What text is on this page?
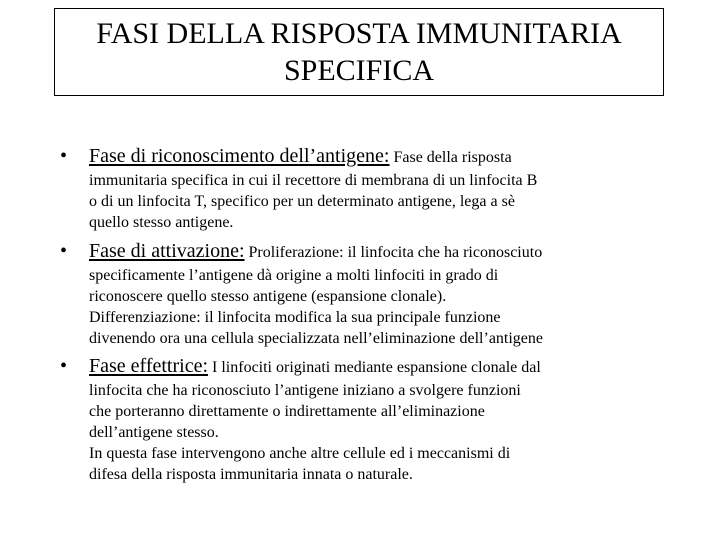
FASI DELLA RISPOSTA IMMUNITARIA
SPECIFICA
• Fase di riconoscimento dell’antigene: Fase della risposta
immunitaria specifica in cui il recettore di membrana di un linfocita B
o di un linfocita T, specifico per un determinato antigene, lega a sè
quello stesso antigene.
• Fase di attivazione: Proliferazione: il linfocita che ha riconosciuto
specificamente l’antigene dà origine a molti linfociti in grado di
riconoscere quello stesso antigene (espansione clonale).
Differenziazione: il linfocita modifica la sua principale funzione
divenendo ora una cellula specializzata nell’eliminazione dell’antigene
• Fase effettrice: I linfociti originati mediante espansione clonale dal
linfocita che ha riconosciuto l’antigene iniziano a svolgere funzioni
che porteranno direttamente o indirettamente all’eliminazione
dell’antigene stesso.
In questa fase intervengono anche altre cellule ed i meccanismi di
difesa della risposta immunitaria innata o naturale.
